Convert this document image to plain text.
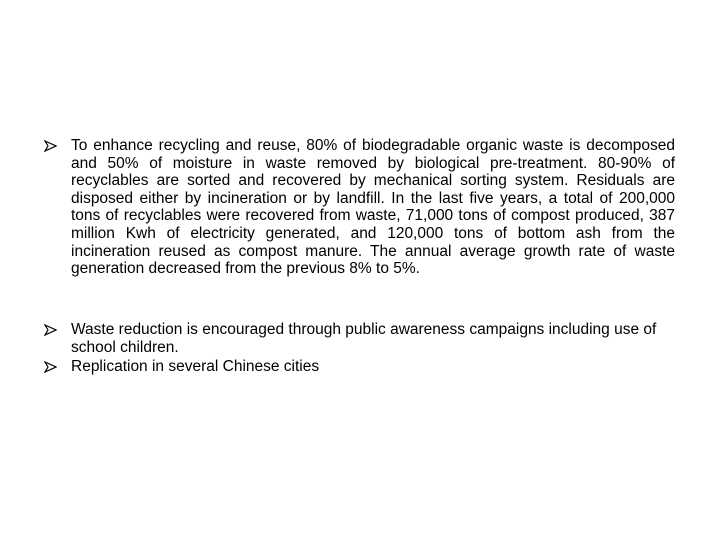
To enhance recycling and reuse, 80% of biodegradable organic waste is decomposed and 50% of moisture in waste removed by biological pre-treatment. 80-90% of recyclables are sorted and recovered by mechanical sorting system. Residuals are disposed either by incineration or by landfill. In the last five years, a total of 200,000 tons of recyclables were recovered from waste, 71,000 tons of compost produced, 387 million Kwh of electricity generated, and 120,000 tons of bottom ash from the incineration reused as compost manure. The annual average growth rate of waste generation decreased from the previous 8% to 5%.
Waste reduction is encouraged through public awareness campaigns including use of school children.
Replication in several Chinese cities
